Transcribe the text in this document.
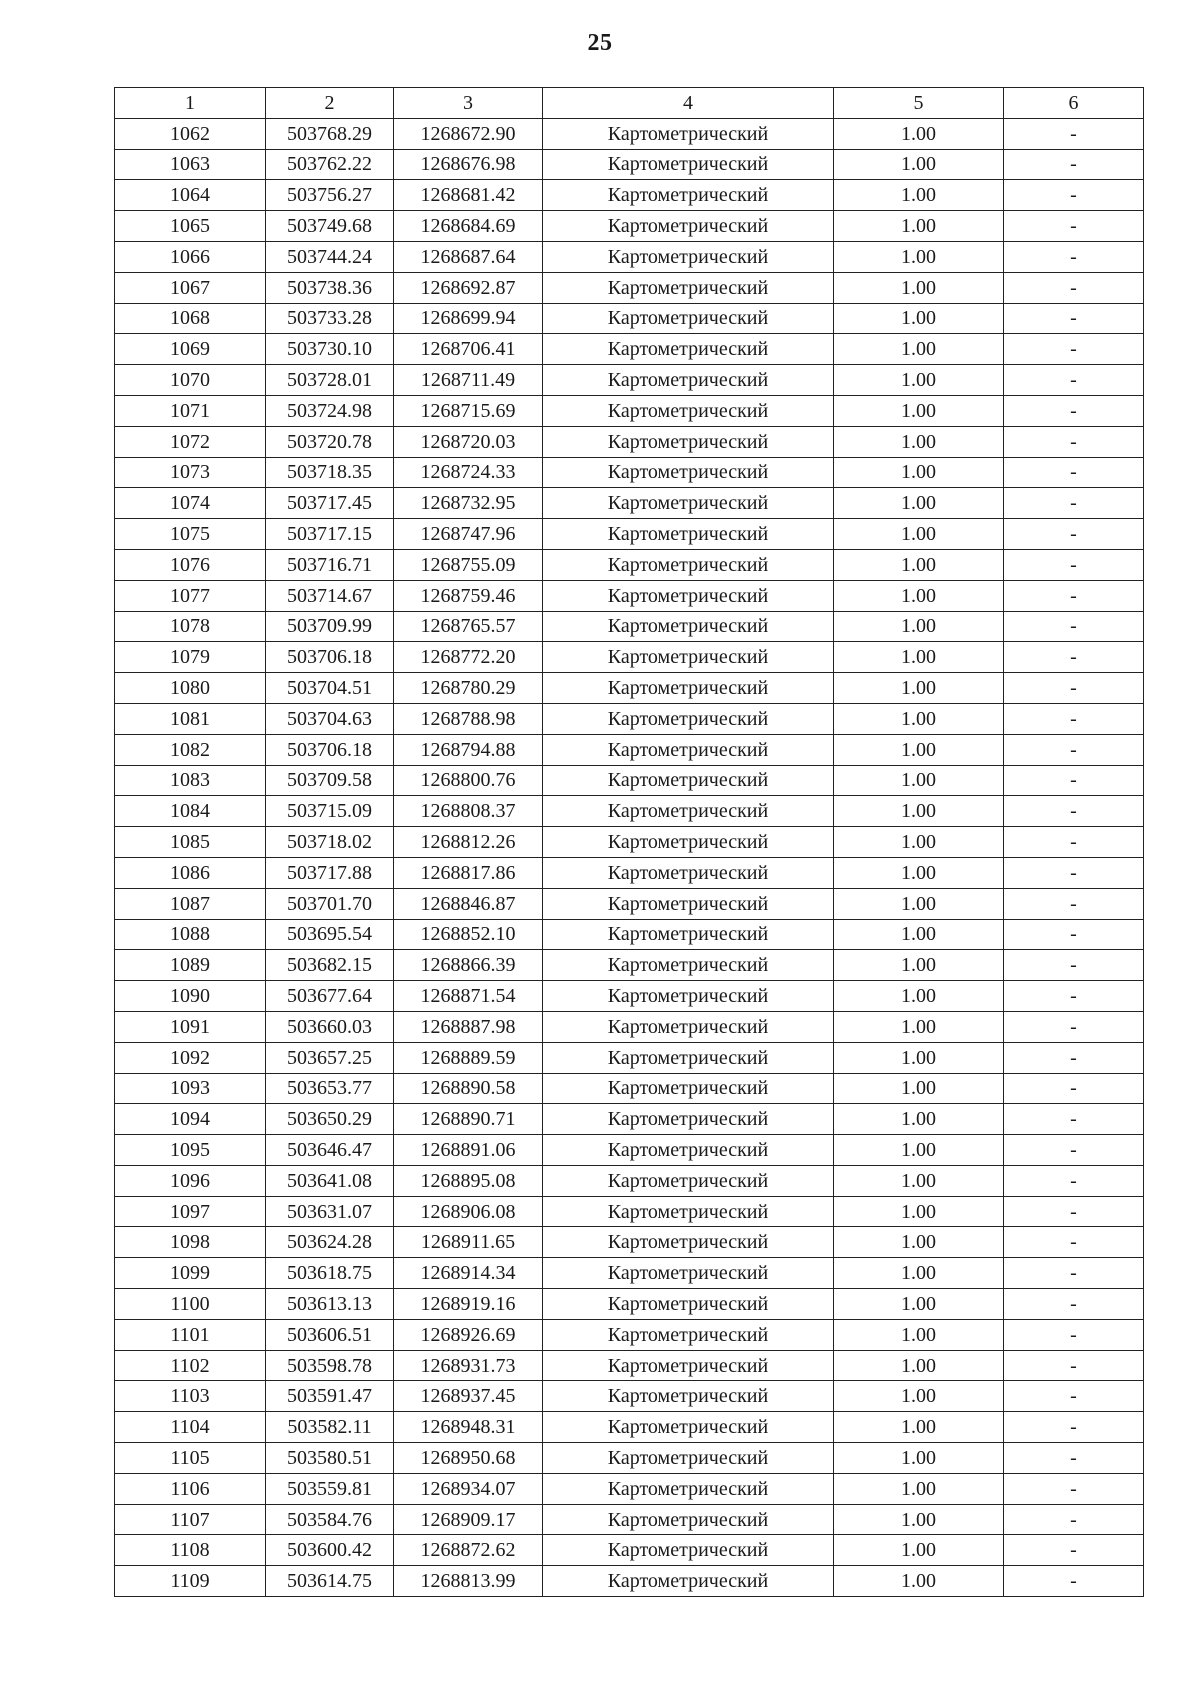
25
1	2	3	4	5	6
1062	503768.29	1268672.90	Картометрический	1.00	-
1063	503762.22	1268676.98	Картометрический	1.00	-
1064	503756.27	1268681.42	Картометрический	1.00	-
1065	503749.68	1268684.69	Картометрический	1.00	-
1066	503744.24	1268687.64	Картометрический	1.00	-
1067	503738.36	1268692.87	Картометрический	1.00	-
1068	503733.28	1268699.94	Картометрический	1.00	-
1069	503730.10	1268706.41	Картометрический	1.00	-
1070	503728.01	1268711.49	Картометрический	1.00	-
1071	503724.98	1268715.69	Картометрический	1.00	-
1072	503720.78	1268720.03	Картометрический	1.00	-
1073	503718.35	1268724.33	Картометрический	1.00	-
1074	503717.45	1268732.95	Картометрический	1.00	-
1075	503717.15	1268747.96	Картометрический	1.00	-
1076	503716.71	1268755.09	Картометрический	1.00	-
1077	503714.67	1268759.46	Картометрический	1.00	-
1078	503709.99	1268765.57	Картометрический	1.00	-
1079	503706.18	1268772.20	Картометрический	1.00	-
1080	503704.51	1268780.29	Картометрический	1.00	-
1081	503704.63	1268788.98	Картометрический	1.00	-
1082	503706.18	1268794.88	Картометрический	1.00	-
1083	503709.58	1268800.76	Картометрический	1.00	-
1084	503715.09	1268808.37	Картометрический	1.00	-
1085	503718.02	1268812.26	Картометрический	1.00	-
1086	503717.88	1268817.86	Картометрический	1.00	-
1087	503701.70	1268846.87	Картометрический	1.00	-
1088	503695.54	1268852.10	Картометрический	1.00	-
1089	503682.15	1268866.39	Картометрический	1.00	-
1090	503677.64	1268871.54	Картометрический	1.00	-
1091	503660.03	1268887.98	Картометрический	1.00	-
1092	503657.25	1268889.59	Картометрический	1.00	-
1093	503653.77	1268890.58	Картометрический	1.00	-
1094	503650.29	1268890.71	Картометрический	1.00	-
1095	503646.47	1268891.06	Картометрический	1.00	-
1096	503641.08	1268895.08	Картометрический	1.00	-
1097	503631.07	1268906.08	Картометрический	1.00	-
1098	503624.28	1268911.65	Картометрический	1.00	-
1099	503618.75	1268914.34	Картометрический	1.00	-
1100	503613.13	1268919.16	Картометрический	1.00	-
1101	503606.51	1268926.69	Картометрический	1.00	-
1102	503598.78	1268931.73	Картометрический	1.00	-
1103	503591.47	1268937.45	Картометрический	1.00	-
1104	503582.11	1268948.31	Картометрический	1.00	-
1105	503580.51	1268950.68	Картометрический	1.00	-
1106	503559.81	1268934.07	Картометрический	1.00	-
1107	503584.76	1268909.17	Картометрический	1.00	-
1108	503600.42	1268872.62	Картометрический	1.00	-
1109	503614.75	1268813.99	Картометрический	1.00	-
